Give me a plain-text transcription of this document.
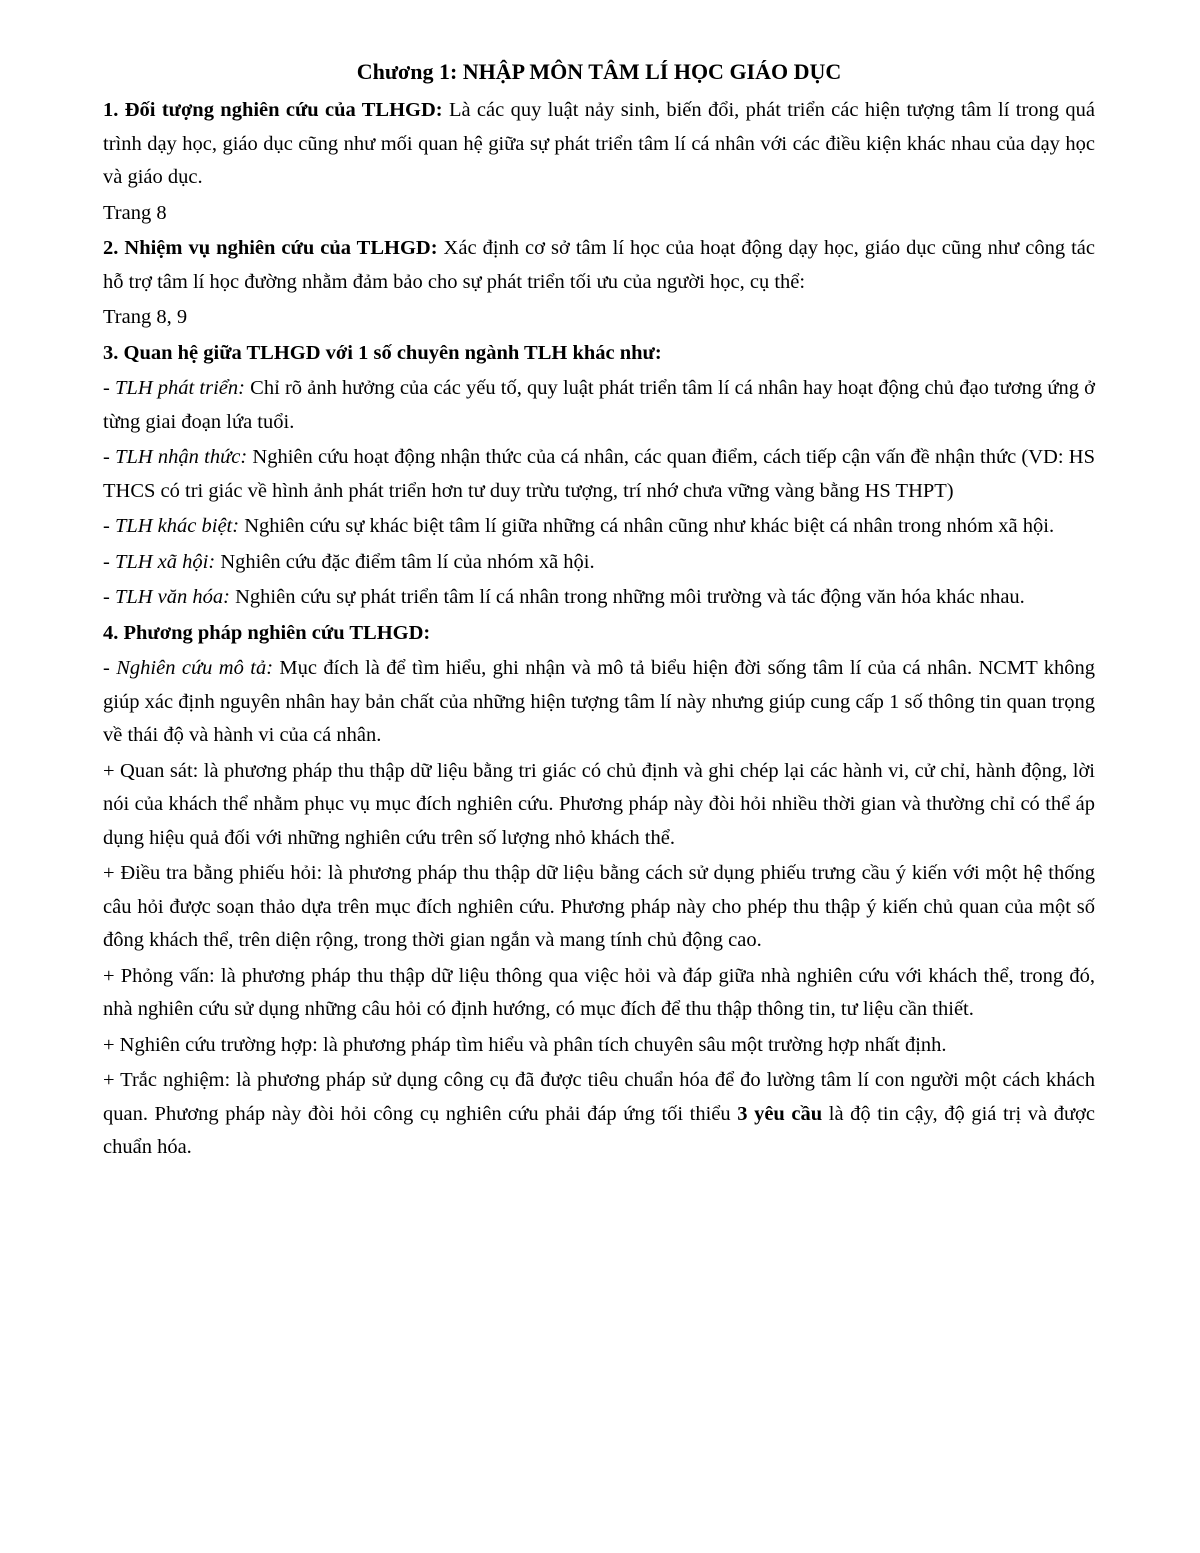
Chương 1: NHẬP MÔN TÂM LÍ HỌC GIÁO DỤC

1. Đối tượng nghiên cứu của TLHGD: Là các quy luật nảy sinh, biến đổi, phát triển các hiện tượng tâm lí trong quá trình dạy học, giáo dục cũng như mối quan hệ giữa sự phát triển tâm lí cá nhân với các điều kiện khác nhau của dạy học và giáo dục.

Trang 8

2. Nhiệm vụ nghiên cứu của TLHGD: Xác định cơ sở tâm lí học của hoạt động dạy học, giáo dục cũng như công tác hỗ trợ tâm lí học đường nhằm đảm bảo cho sự phát triển tối ưu của người học, cụ thể:

Trang 8, 9

3. Quan hệ giữa TLHGD với 1 số chuyên ngành TLH khác như:

- TLH phát triển: Chỉ rõ ảnh hưởng của các yếu tố, quy luật phát triển tâm lí cá nhân hay hoạt động chủ đạo tương ứng ở từng giai đoạn lứa tuổi.

- TLH nhận thức: Nghiên cứu hoạt động nhận thức của cá nhân, các quan điểm, cách tiếp cận vấn đề nhận thức (VD: HS THCS có tri giác về hình ảnh phát triển hơn tư duy trừu tượng, trí nhớ chưa vững vàng bằng HS THPT)

- TLH khác biệt: Nghiên cứu sự khác biệt tâm lí giữa những cá nhân cũng như khác biệt cá nhân trong nhóm xã hội.

- TLH xã hội: Nghiên cứu đặc điểm tâm lí của nhóm xã hội.

- TLH văn hóa: Nghiên cứu sự phát triển tâm lí cá nhân trong những môi trường và tác động văn hóa khác nhau.

4. Phương pháp nghiên cứu TLHGD:

- Nghiên cứu mô tả: Mục đích là để tìm hiểu, ghi nhận và mô tả biểu hiện đời sống tâm lí của cá nhân. NCMT không giúp xác định nguyên nhân hay bản chất của những hiện tượng tâm lí này nhưng giúp cung cấp 1 số thông tin quan trọng về thái độ và hành vi của cá nhân.

+ Quan sát: là phương pháp thu thập dữ liệu bằng tri giác có chủ định và ghi chép lại các hành vi, cử chỉ, hành động, lời nói của khách thể nhằm phục vụ mục đích nghiên cứu. Phương pháp này đòi hỏi nhiều thời gian và thường chỉ có thể áp dụng hiệu quả đối với những nghiên cứu trên số lượng nhỏ khách thể.

+ Điều tra bằng phiếu hỏi: là phương pháp thu thập dữ liệu bằng cách sử dụng phiếu trưng cầu ý kiến với một hệ thống câu hỏi được soạn thảo dựa trên mục đích nghiên cứu. Phương pháp này cho phép thu thập ý kiến chủ quan của một số đông khách thể, trên diện rộng, trong thời gian ngắn và mang tính chủ động cao.

+ Phỏng vấn: là phương pháp thu thập dữ liệu thông qua việc hỏi và đáp giữa nhà nghiên cứu với khách thể, trong đó, nhà nghiên cứu sử dụng những câu hỏi có định hướng, có mục đích để thu thập thông tin, tư liệu cần thiết.

+ Nghiên cứu trường hợp: là phương pháp tìm hiểu và phân tích chuyên sâu một trường hợp nhất định.

+ Trắc nghiệm: là phương pháp sử dụng công cụ đã được tiêu chuẩn hóa để đo lường tâm lí con người một cách khách quan. Phương pháp này đòi hỏi công cụ nghiên cứu phải đáp ứng tối thiểu 3 yêu cầu là độ tin cậy, độ giá trị và được chuẩn hóa.
